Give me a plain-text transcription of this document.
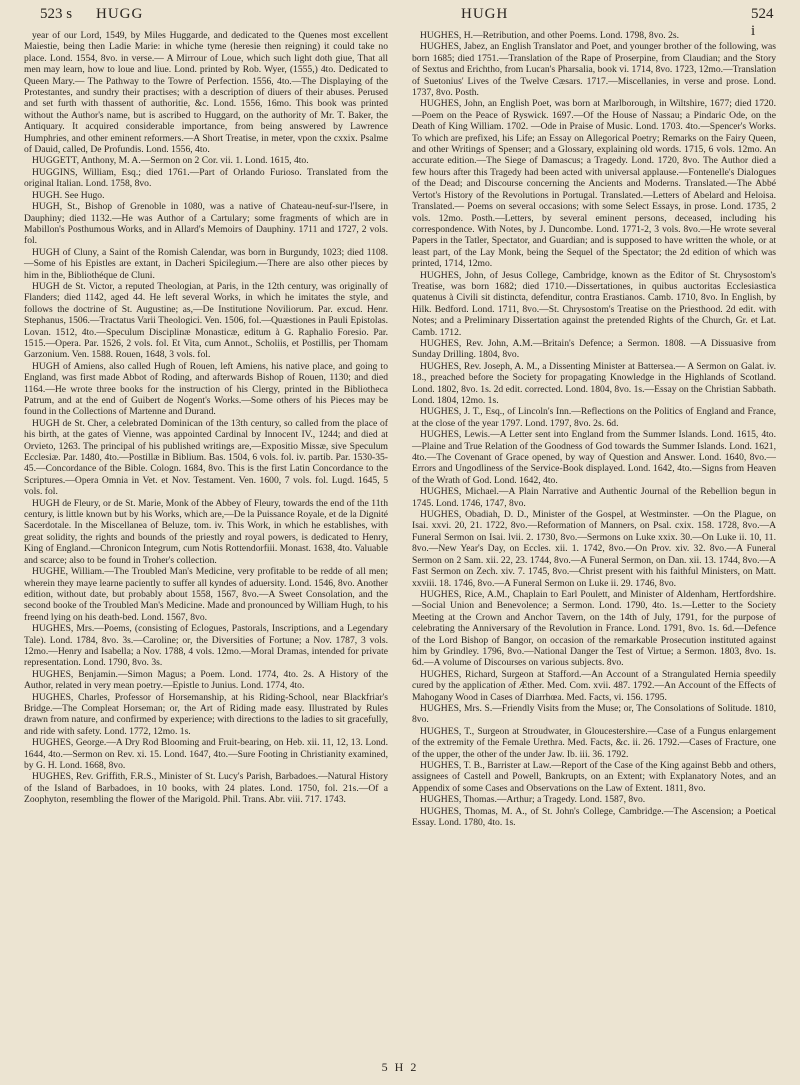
523 s HUGG	HUGH	524 i

year of our Lord, 1549, by Miles Huggarde, and dedicated to the Quenes most excellent Maiestie, being then Ladie Marie: in whiche tyme (heresie then reigning) it could take no place. Lond. 1554, 8vo. in verse.— A Mirrour of Loue, which such light doth giue, That all men may learn, how to loue and liue. Lond. printed by Rob. Wyer, (1555,) 4to. Dedicated to Queen Mary.— The Pathway to the Towre of Perfection. 1556, 4to.—The Displaying of the Protestantes, and sundry their practises; with a description of diuers of their abuses. Perused and set furth with thassent of authoritie, &c. Lond. 1556, 16mo. This book was printed without the Author's name, but is ascribed to Huggard, on the authority of Mr. T. Baker, the Antiquary. It acquired considerable importance, from being answered by Lawrence Humphries, and other eminent reformers.—A Short Treatise, in meter, vpon the cxxix. Psalme of Dauid, called, De Profundis. Lond. 1556, 4to.

HUGGETT, Anthony, M. A.—Sermon on 2 Cor. vii. 1. Lond. 1615, 4to.

HUGGINS, William, Esq.; died 1761.—Part of Orlando Furioso. Translated from the original Italian. Lond. 1758, 8vo.

HUGH. See Hugo.

HUGH, St., Bishop of Grenoble in 1080, was a native of Chateau-neuf-sur-l'Isere, in Dauphiny; died 1132.—He was Author of a Cartulary; some fragments of which are in Mabillon's Posthumous Works, and in Allard's Memoirs of Dauphiny. 1711 and 1727, 2 vols. fol.

HUGH of Cluny, a Saint of the Romish Calendar, was born in Burgundy, 1023; died 1108.—Some of his Epistles are extant, in Dacheri Spicilegium.—There are also other pieces by him in the, Bibliothéque de Cluni.

HUGH de St. Victor, a reputed Theologian, at Paris, in the 12th century, was originally of Flanders; died 1142, aged 44. He left several Works, in which he imitates the style, and follows the doctrine of St. Augustine; as,—De Institutione Noviliorum. Par. excud. Henr. Stephanus, 1506.—Tractatus Varii Theologici. Ven. 1506, fol.—Quæstiones in Pauli Epistolas. Lovan. 1512, 4to.—Speculum Disciplinæ Monasticæ, editum à G. Raphalio Foresio. Par. 1515.—Opera. Par. 1526, 2 vols. fol. Et Vita, cum Annot., Scholiis, et Postillis, per Thomam Garzonium. Ven. 1588. Rouen, 1648, 3 vols. fol.

HUGH of Amiens, also called Hugh of Rouen, left Amiens, his native place, and going to England, was first made Abbot of Roding, and afterwards Bishop of Rouen, 1130; and died 1164.—He wrote three books for the instruction of his Clergy, printed in the Bibliotheca Patrum, and at the end of Guibert de Nogent's Works.—Some others of his Pieces may be found in the Collections of Martenne and Durand.

HUGH de St. Cher, a celebrated Dominican of the 13th century, so called from the place of his birth, at the gates of Vienne, was appointed Cardinal by Innocent IV., 1244; and died at Orvieto, 1263. The principal of his published writings are,—Expositio Missæ, sive Speculum Ecclesiæ. Par. 1480, 4to.—Postillæ in Biblium. Bas. 1504, 6 vols. fol. iv. partib. Par. 1530-35-45.—Concordance of the Bible. Cologn. 1684, 8vo. This is the first Latin Concordance to the Scriptures.—Opera Omnia in Vet. et Nov. Testament. Ven. 1600, 7 vols. fol. Lugd. 1645, 5 vols. fol.

HUGH de Fleury, or de St. Marie, Monk of the Abbey of Fleury, towards the end of the 11th century, is little known but by his Works, which are,—De la Puissance Royale, et de la Dignité Sacerdotale. In the Miscellanea of Beluze, tom. iv. This Work, in which he establishes, with great solidity, the rights and bounds of the priestly and royal powers, is dedicated to Henry, King of England.—Chronicon Integrum, cum Notis Rottendorfiii. Monast. 1638, 4to. Valuable and scarce; also to be found in Troher's collection.

HUGHE, William.—The Troubled Man's Medicine, very profitable to be redde of all men; wherein they maye learne paciently to suffer all kyndes of aduersity. Lond. 1546, 8vo. Another edition, without date, but probably about 1558, 1567, 8vo.—A Sweet Consolation, and the second booke of the Troubled Man's Medicine. Made and pronounced by William Hugh, to his freend lying on his death-bed. Lond. 1567, 8vo.

HUGHES, Mrs.—Poems, (consisting of Eclogues, Pastorals, Inscriptions, and a Legendary Tale). Lond. 1784, 8vo. 3s.—Caroline; or, the Diversities of Fortune; a Nov. 1787, 3 vols. 12mo.—Henry and Isabella; a Nov. 1788, 4 vols. 12mo.—Moral Dramas, intended for private representation. Lond. 1790, 8vo. 3s.

HUGHES, Benjamin.—Simon Magus; a Poem. Lond. 1774, 4to. 2s. A History of the Author, related in very mean poetry.—Epistle to Junius. Lond. 1774, 4to.

HUGHES, Charles, Professor of Horsemanship, at his Riding-School, near Blackfriar's Bridge.—The Compleat Horseman; or, the Art of Riding made easy. Illustrated by Rules drawn from nature, and confirmed by experience; with directions to the ladies to sit gracefully, and ride with safety. Lond. 1772, 12mo. 1s.

HUGHES, George.—A Dry Rod Blooming and Fruit-bearing, on Heb. xii. 11, 12, 13. Lond. 1644, 4to.—Sermon on Rev. xi. 15. Lond. 1647, 4to.—Sure Footing in Christianity examined, by G. H. Lond. 1668, 8vo.

HUGHES, Rev. Griffith, F.R.S., Minister of St. Lucy's Parish, Barbadoes.—Natural History of the Island of Barbadoes, in 10 books, with 24 plates. Lond. 1750, fol. 21s.—Of a Zoophyton, resembling the flower of the Marigold. Phil. Trans. Abr. viii. 717. 1743.

HUGHES, H.—Retribution, and other Poems. Lond. 1798, 8vo. 2s.

HUGHES, Jabez, an English Translator and Poet, and younger brother of the following, was born 1685; died 1751.—Translation of the Rape of Proserpine, from Claudian; and the Story of Sextus and Erichtho, from Lucan's Pharsalia, book vi. 1714, 8vo. 1723, 12mo.—Translation of Suetonius' Lives of the Twelve Cæsars. 1717.—Miscellanies, in verse and prose. Lond. 1737, 8vo. Posth.

HUGHES, John, an English Poet, was born at Marlborough, in Wiltshire, 1677; died 1720.—Poem on the Peace of Ryswick. 1697.—Of the House of Nassau; a Pindaric Ode, on the Death of King William. 1702. —Ode in Praise of Music. Lond. 1703. 4to.—Spencer's Works. To which are prefixed, his Life; an Essay on Allegorical Poetry; Remarks on the Fairy Queen, and other Writings of Spenser; and a Glossary, explaining old words. 1715, 6 vols. 12mo. An accurate edition.—The Siege of Damascus; a Tragedy. Lond. 1720, 8vo. The Author died a few hours after this Tragedy had been acted with universal applause.—Fontenelle's Dialogues of the Dead; and Discourse concerning the Ancients and Moderns. Translated.—The Abbé Vertot's History of the Revolutions in Portugal. Translated.—Letters of Abelard and Heloisa. Translated.— Poems on several occasions; with some Select Essays, in prose. Lond. 1735, 2 vols. 12mo. Posth.—Letters, by several eminent persons, deceased, including his correspondence. With Notes, by J. Duncombe. Lond. 1771-2, 3 vols. 8vo.—He wrote several Papers in the Tatler, Spectator, and Guardian; and is supposed to have written the whole, or at least part, of the Lay Monk, being the Sequel of the Spectator; the 2d edition of which was printed, 1714, 12mo.

HUGHES, John, of Jesus College, Cambridge, known as the Editor of St. Chrysostom's Treatise, was born 1682; died 1710.—Dissertationes, in quibus auctoritas Ecclesiastica quatenus à Civili sit distincta, defenditur, contra Erastianos. Camb. 1710, 8vo. In English, by Hilk. Bedford. Lond. 1711, 8vo.—St. Chrysostom's Treatise on the Priesthood. 2d edit. with Notes; and a Preliminary Dissertation against the pretended Rights of the Church, Gr. et Lat. Camb. 1712.

HUGHES, Rev. John, A.M.—Britain's Defence; a Sermon. 1808. —A Dissuasive from Sunday Drilling. 1804, 8vo.

HUGHES, Rev. Joseph, A. M., a Dissenting Minister at Battersea.— A Sermon on Galat. iv. 18., preached before the Society for propagating Knowledge in the Highlands of Scotland. Lond. 1802, 8vo. 1s. 2d edit. corrected. Lond. 1804, 8vo. 1s.—Essay on the Christian Sabbath. Lond. 1804, 12mo. 1s.

HUGHES, J. T., Esq., of Lincoln's Inn.—Reflections on the Politics of England and France, at the close of the year 1797. Lond. 1797, 8vo. 2s. 6d.

HUGHES, Lewis.—A Letter sent into England from the Summer Islands. Lond. 1615, 4to.—Plaine and True Relation of the Goodness of God towards the Summer Islands. Lond. 1621, 4to.—The Covenant of Grace opened, by way of Question and Answer. Lond. 1640, 8vo.— Errors and Ungodliness of the Service-Book displayed. Lond. 1642, 4to.—Signs from Heaven of the Wrath of God. Lond. 1642, 4to.

HUGHES, Michael.—A Plain Narrative and Authentic Journal of the Rebellion begun in 1745. Lond. 1746, 1747, 8vo.

HUGHES, Obadiah, D. D., Minister of the Gospel, at Westminster. —On the Plague, on Isai. xxvi. 20, 21. 1722, 8vo.—Reformation of Manners, on Psal. cxix. 158. 1728, 8vo.—A Funeral Sermon on Isai. lvii. 2. 1730, 8vo.—Sermons on Luke xxix. 30.—On Luke ii. 10, 11. 8vo.—New Year's Day, on Eccles. xii. 1. 1742, 8vo.—On Prov. xiv. 32. 8vo.—A Funeral Sermon on 2 Sam. xii. 22, 23. 1744, 8vo.—A Funeral Sermon, on Dan. xii. 13. 1744, 8vo.—A Fast Sermon on Zech. xiv. 7. 1745, 8vo.—Christ present with his faithful Ministers, on Matt. xxviii. 18. 1746, 8vo.—A Funeral Sermon on Luke ii. 29. 1746, 8vo.

HUGHES, Rice, A.M., Chaplain to Earl Poulett, and Minister of Aldenham, Hertfordshire.—Social Union and Benevolence; a Sermon. Lond. 1790, 4to. 1s.—Letter to the Society Meeting at the Crown and Anchor Tavern, on the 14th of July, 1791, for the purpose of celebrating the Anniversary of the Revolution in France. Lond. 1791, 8vo. 1s. 6d.—Defence of the Lord Bishop of Bangor, on occasion of the remarkable Prosecution instituted against him by Grindley. 1796, 8vo.—National Danger the Test of Virtue; a Sermon. 1803, 8vo. 1s. 6d.—A volume of Discourses on various subjects. 8vo.

HUGHES, Richard, Surgeon at Stafford.—An Account of a Strangulated Hernia speedily cured by the application of Æther. Med. Com. xvii. 487. 1792.—An Account of the Effects of Mahogany Wood in Cases of Diarrhœa. Med. Facts, vi. 156. 1795.

HUGHES, Mrs. S.—Friendly Visits from the Muse; or, The Consolations of Solitude. 1810, 8vo.

HUGHES, T., Surgeon at Stroudwater, in Gloucestershire.—Case of a Fungus enlargement of the extremity of the Female Urethra. Med. Facts, &c. ii. 26. 1792.—Cases of Fracture, one of the upper, the other of the under Jaw. Ib. iii. 36. 1792.

HUGHES, T. B., Barrister at Law.—Report of the Case of the King against Bebb and others, assignees of Castell and Powell, Bankrupts, on an Extent; with Explanatory Notes, and an Appendix of some Cases and Observations on the Law of Extent. 1811, 8vo.

HUGHES, Thomas.—Arthur; a Tragedy. Lond. 1587, 8vo.

HUGHES, Thomas, M. A., of St. John's College, Cambridge.—The Ascension; a Poetical Essay. Lond. 1780, 4to. 1s.

5 H 2
